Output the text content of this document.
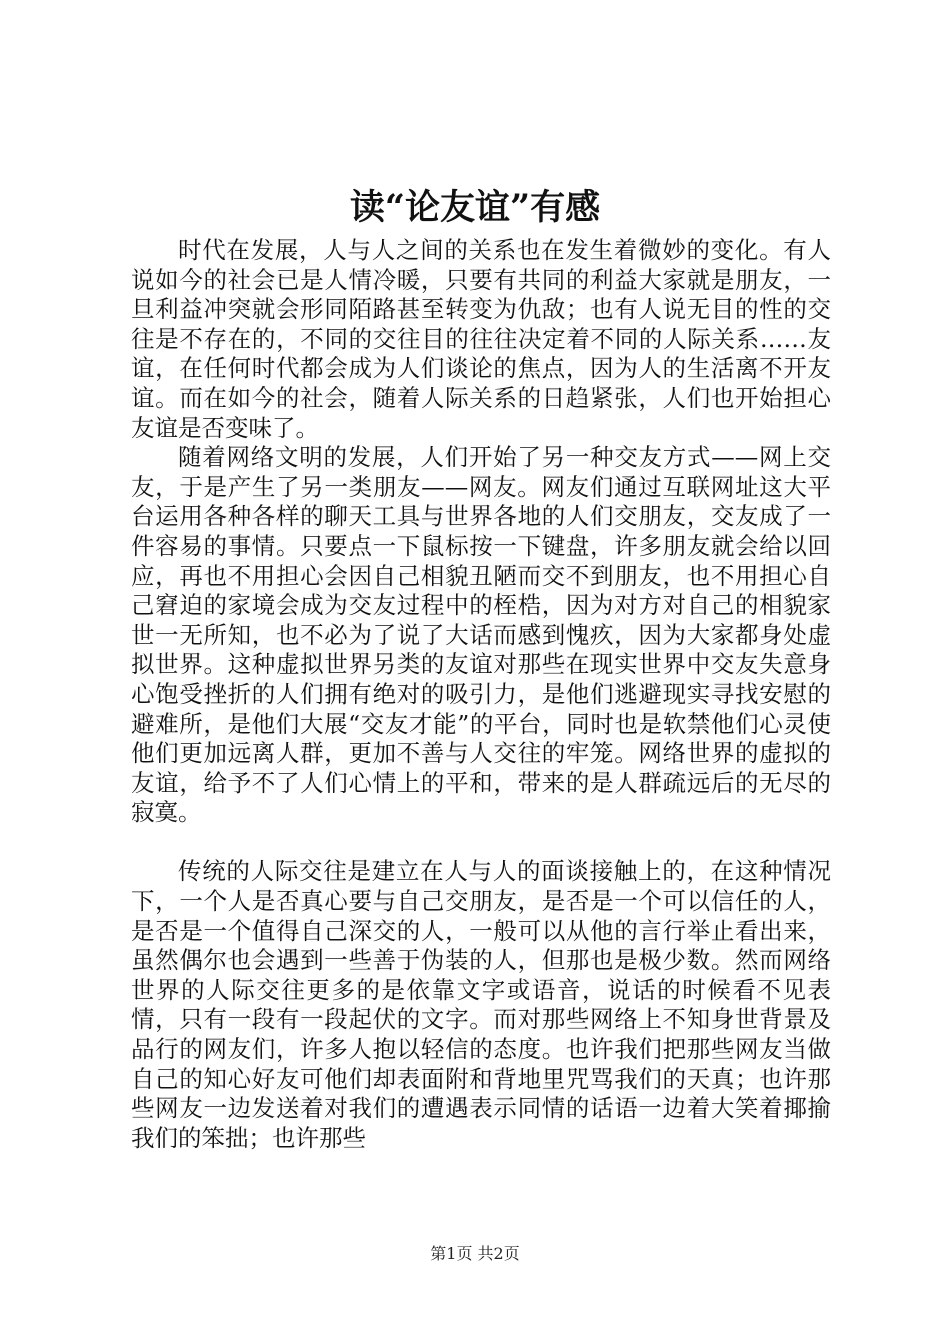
读“论友谊”有感

时代在发展，人与人之间的关系也在发生着微妙的变化。有人说如今的社会已是人情冷暖，只要有共同的利益大家就是朋友，一旦利益冲突就会形同陌路甚至转变为仇敌；也有人说无目的性的交往是不存在的，不同的交往目的往往决定着不同的人际关系……友谊，在任何时代都会成为人们谈论的焦点，因为人的生活离不开友谊。而在如今的社会，随着人际关系的日趋紧张，人们也开始担心友谊是否变味了。

随着网络文明的发展，人们开始了另一种交友方式——网上交友，于是产生了另一类朋友——网友。网友们通过互联网址这大平台运用各种各样的聊天工具与世界各地的人们交朋友，交友成了一件容易的事情。只要点一下鼠标按一下键盘，许多朋友就会给以回应，再也不用担心会因自己相貌丑陋而交不到朋友，也不用担心自己窘迫的家境会成为交友过程中的桎梏，因为对方对自己的相貌家世一无所知，也不必为了说了大话而感到愧疚，因为大家都身处虚拟世界。这种虚拟世界另类的友谊对那些在现实世界中交友失意身心饱受挫折的人们拥有绝对的吸引力，是他们逃避现实寻找安慰的避难所，是他们大展“交友才能”的平台，同时也是软禁他们心灵使他们更加远离人群，更加不善与人交往的牢笼。网络世界的虚拟的友谊，给予不了人们心情上的平和，带来的是人群疏远后的无尽的寂寞。

传统的人际交往是建立在人与人的面谈接触上的，在这种情况下，一个人是否真心要与自己交朋友，是否是一个可以信任的人，是否是一个值得自己深交的人，一般可以从他的言行举止看出来，虽然偶尔也会遇到一些善于伪装的人，但那也是极少数。然而网络世界的人际交往更多的是依靠文字或语音，说话的时候看不见表情，只有一段有一段起伏的文字。而对那些网络上不知身世背景及品行的网友们，许多人抱以轻信的态度。也许我们把那些网友当做自己的知心好友可他们却表面附和背地里咒骂我们的天真；也许那些网友一边发送着对我们的遭遇表示同情的话语一边着大笑着揶揄我们的笨拙；也许那些

第1页 共2页
